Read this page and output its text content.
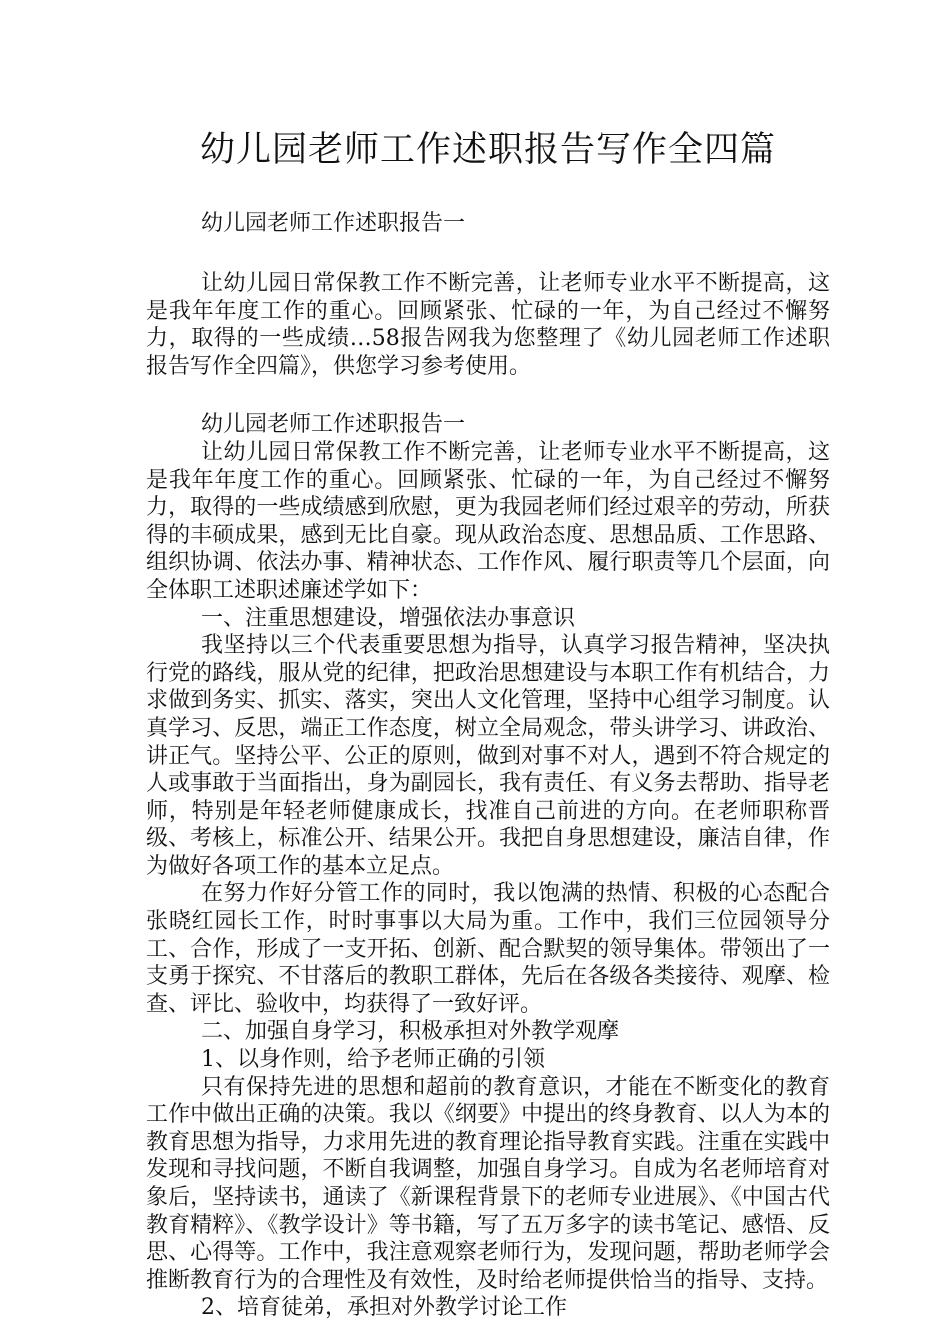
幼儿园老师工作述职报告写作全四篇

幼儿园老师工作述职报告一

让幼儿园日常保教工作不断完善，让老师专业水平不断提高，这是我年年度工作的重心。回顾紧张、忙碌的一年，为自己经过不懈努力，取得的一些成绩…58报告网我为您整理了《幼儿园老师工作述职报告写作全四篇》，供您学习参考使用。

幼儿园老师工作述职报告一

让幼儿园日常保教工作不断完善，让老师专业水平不断提高，这是我年年度工作的重心。回顾紧张、忙碌的一年，为自己经过不懈努力，取得的一些成绩感到欣慰，更为我园老师们经过艰辛的劳动，所获得的丰硕成果，感到无比自豪。现从政治态度、思想品质、工作思路、组织协调、依法办事、精神状态、工作作风、履行职责等几个层面，向全体职工述职述廉述学如下：

一、注重思想建设，增强依法办事意识

我坚持以三个代表重要思想为指导，认真学习报告精神，坚决执行党的路线，服从党的纪律，把政治思想建设与本职工作有机结合，力求做到务实、抓实、落实，突出人文化管理，坚持中心组学习制度。认真学习、反思，端正工作态度，树立全局观念，带头讲学习、讲政治、讲正气。坚持公平、公正的原则，做到对事不对人，遇到不符合规定的人或事敢于当面指出，身为副园长，我有责任、有义务去帮助、指导老师，特别是年轻老师健康成长，找准自己前进的方向。在老师职称晋级、考核上，标准公开、结果公开。我把自身思想建设，廉洁自律，作为做好各项工作的基本立足点。

在努力作好分管工作的同时，我以饱满的热情、积极的心态配合张晓红园长工作，时时事事以大局为重。工作中，我们三位园领导分工、合作，形成了一支开拓、创新、配合默契的领导集体。带领出了一支勇于探究、不甘落后的教职工群体，先后在各级各类接待、观摩、检查、评比、验收中，均获得了一致好评。

二、加强自身学习，积极承担对外教学观摩

1、以身作则，给予老师正确的引领

只有保持先进的思想和超前的教育意识，才能在不断变化的教育工作中做出正确的决策。我以《纲要》中提出的终身教育、以人为本的教育思想为指导，力求用先进的教育理论指导教育实践。注重在实践中发现和寻找问题，不断自我调整，加强自身学习。自成为名老师培育对象后，坚持读书，通读了《新课程背景下的老师专业进展》、《中国古代教育精粹》、《教学设计》等书籍，写了五万多字的读书笔记、感悟、反思、心得等。工作中，我注意观察老师行为，发现问题，帮助老师学会推断教育行为的合理性及有效性，及时给老师提供恰当的指导、支持。

2、培育徒弟，承担对外教学讨论工作
